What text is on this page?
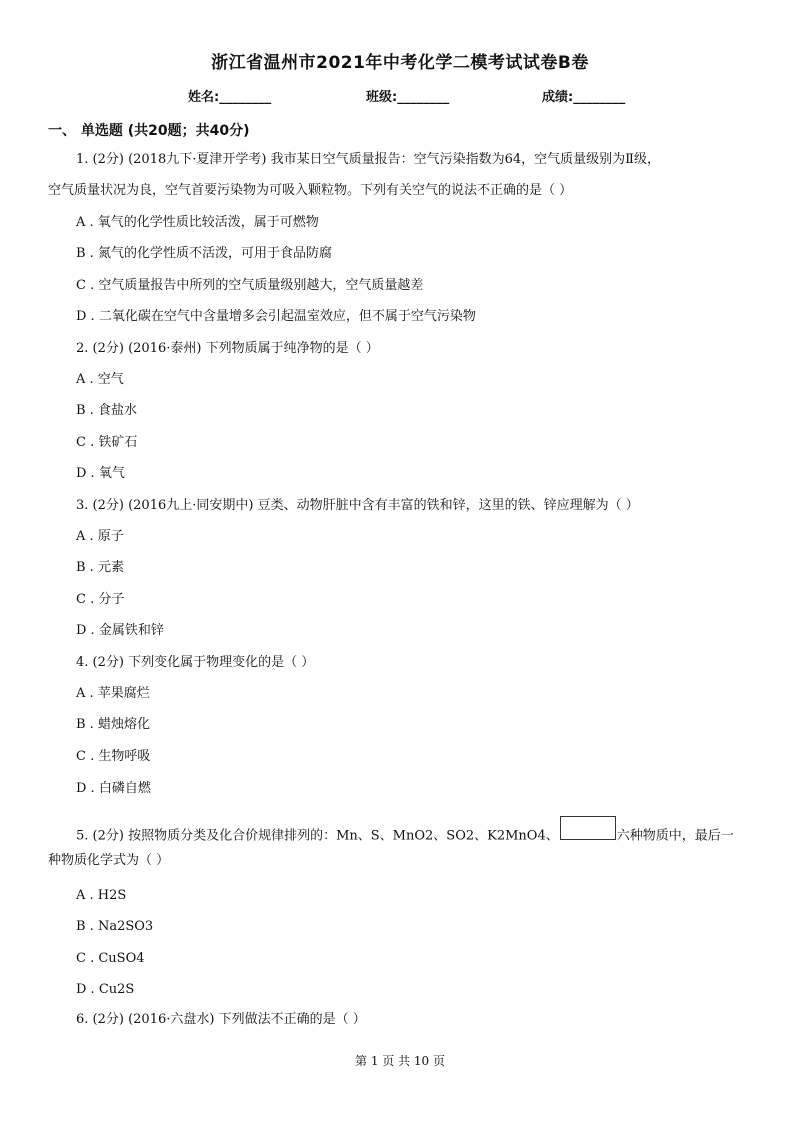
浙江省温州市2021年中考化学二模考试试卷B卷
姓名:________	班级:________	成绩:________
一、 单选题 (共20题；共40分)
1. (2分) (2018九下·夏津开学考) 我市某日空气质量报告：空气污染指数为64，空气质量级别为Ⅱ级，
空气质量状况为良，空气首要污染物为可吸入颗粒物。下列有关空气的说法不正确的是（ ）
A . 氧气的化学性质比较活泼，属于可燃物
B . 氮气的化学性质不活泼，可用于食品防腐
C . 空气质量报告中所列的空气质量级别越大，空气质量越差
D . 二氧化碳在空气中含量增多会引起温室效应，但不属于空气污染物
2. (2分) (2016·泰州) 下列物质属于纯净物的是（ ）
A . 空气
B . 食盐水
C . 铁矿石
D . 氧气
3. (2分) (2016九上·同安期中) 豆类、动物肝脏中含有丰富的铁和锌，这里的铁、锌应理解为（ ）
A . 原子
B . 元素
C . 分子
D . 金属铁和锌
4. (2分) 下列变化属于物理变化的是（ ）
A . 苹果腐烂
B . 蜡烛熔化
C . 生物呼吸
D . 白磷自燃
5. (2分) 按照物质分类及化合价规律排列的：Mn、S、MnO2、SO2、K2MnO4、	六种物质中，最后一
种物质化学式为（ ）
A . H2S
B . Na2SO3
C . CuSO4
D . Cu2S
6. (2分) (2016·六盘水) 下列做法不正确的是（ ）
第 1 页 共 10 页
